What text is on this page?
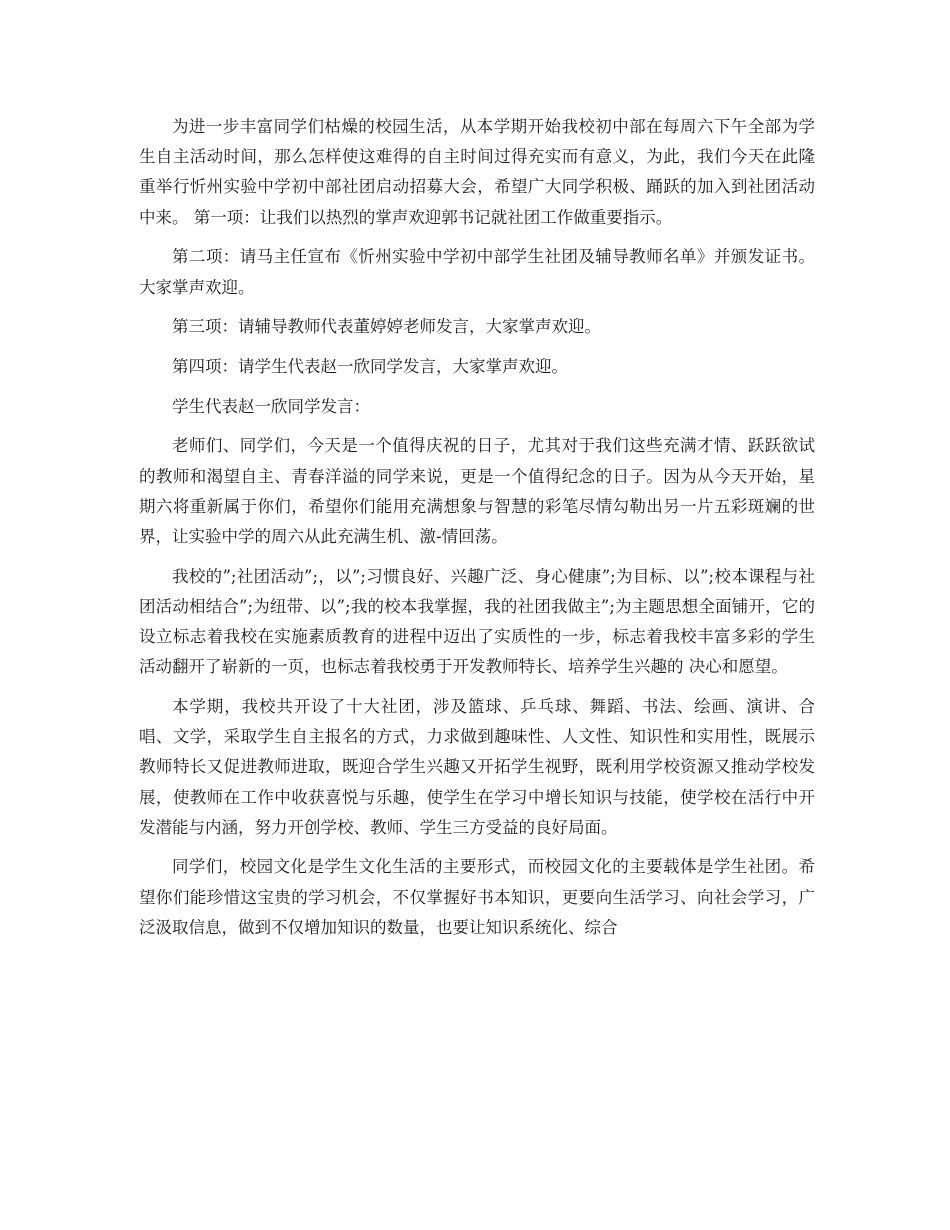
为进一步丰富同学们枯燥的校园生活，从本学期开始我校初中部在每周六下午全部为学生自主活动时间，那么怎样使这难得的自主时间过得充实而有意义，为此，我们今天在此隆重举行忻州实验中学初中部社团启动招募大会，希望广大同学积极、踊跃的加入到社团活动中来。 第一项：让我们以热烈的掌声欢迎郭书记就社团工作做重要指示。

第二项：请马主任宣布《忻州实验中学初中部学生社团及辅导教师名单》并颁发证书。大家掌声欢迎。

第三项：请辅导教师代表董婷婷老师发言，大家掌声欢迎。

第四项：请学生代表赵一欣同学发言，大家掌声欢迎。

学生代表赵一欣同学发言：

老师们、同学们，今天是一个值得庆祝的日子，尤其对于我们这些充满才情、跃跃欲试的教师和渴望自主、青春洋溢的同学来说，更是一个值得纪念的日子。因为从今天开始，星期六将重新属于你们，希望你们能用充满想象与智慧的彩笔尽情勾勒出另一片五彩斑斓的世界，让实验中学的周六从此充满生机、激-情回荡。

我校的”;社团活动”;，以”;习惯良好、兴趣广泛、身心健康”;为目标、以”;校本课程与社团活动相结合”;为纽带、以”;我的校本我掌握，我的社团我做主”;为主题思想全面铺开，它的设立标志着我校在实施素质教育的进程中迈出了实质性的一步，标志着我校丰富多彩的学生活动翻开了崭新的一页，也标志着我校勇于开发教师特长、培养学生兴趣的 决心和愿望。

本学期，我校共开设了十大社团，涉及篮球、乒乓球、舞蹈、书法、绘画、演讲、合唱、文学，采取学生自主报名的方式，力求做到趣味性、人文性、知识性和实用性，既展示教师特长又促进教师进取，既迎合学生兴趣又开拓学生视野，既利用学校资源又推动学校发展，使教师在工作中收获喜悦与乐趣，使学生在学习中增长知识与技能，使学校在活行中开发潜能与内涵，努力开创学校、教师、学生三方受益的良好局面。

同学们，校园文化是学生文化生活的主要形式，而校园文化的主要载体是学生社团。希望你们能珍惜这宝贵的学习机会，不仅掌握好书本知识，更要向生活学习、向社会学习，广泛汲取信息，做到不仅增加知识的数量，也要让知识系统化、综合
